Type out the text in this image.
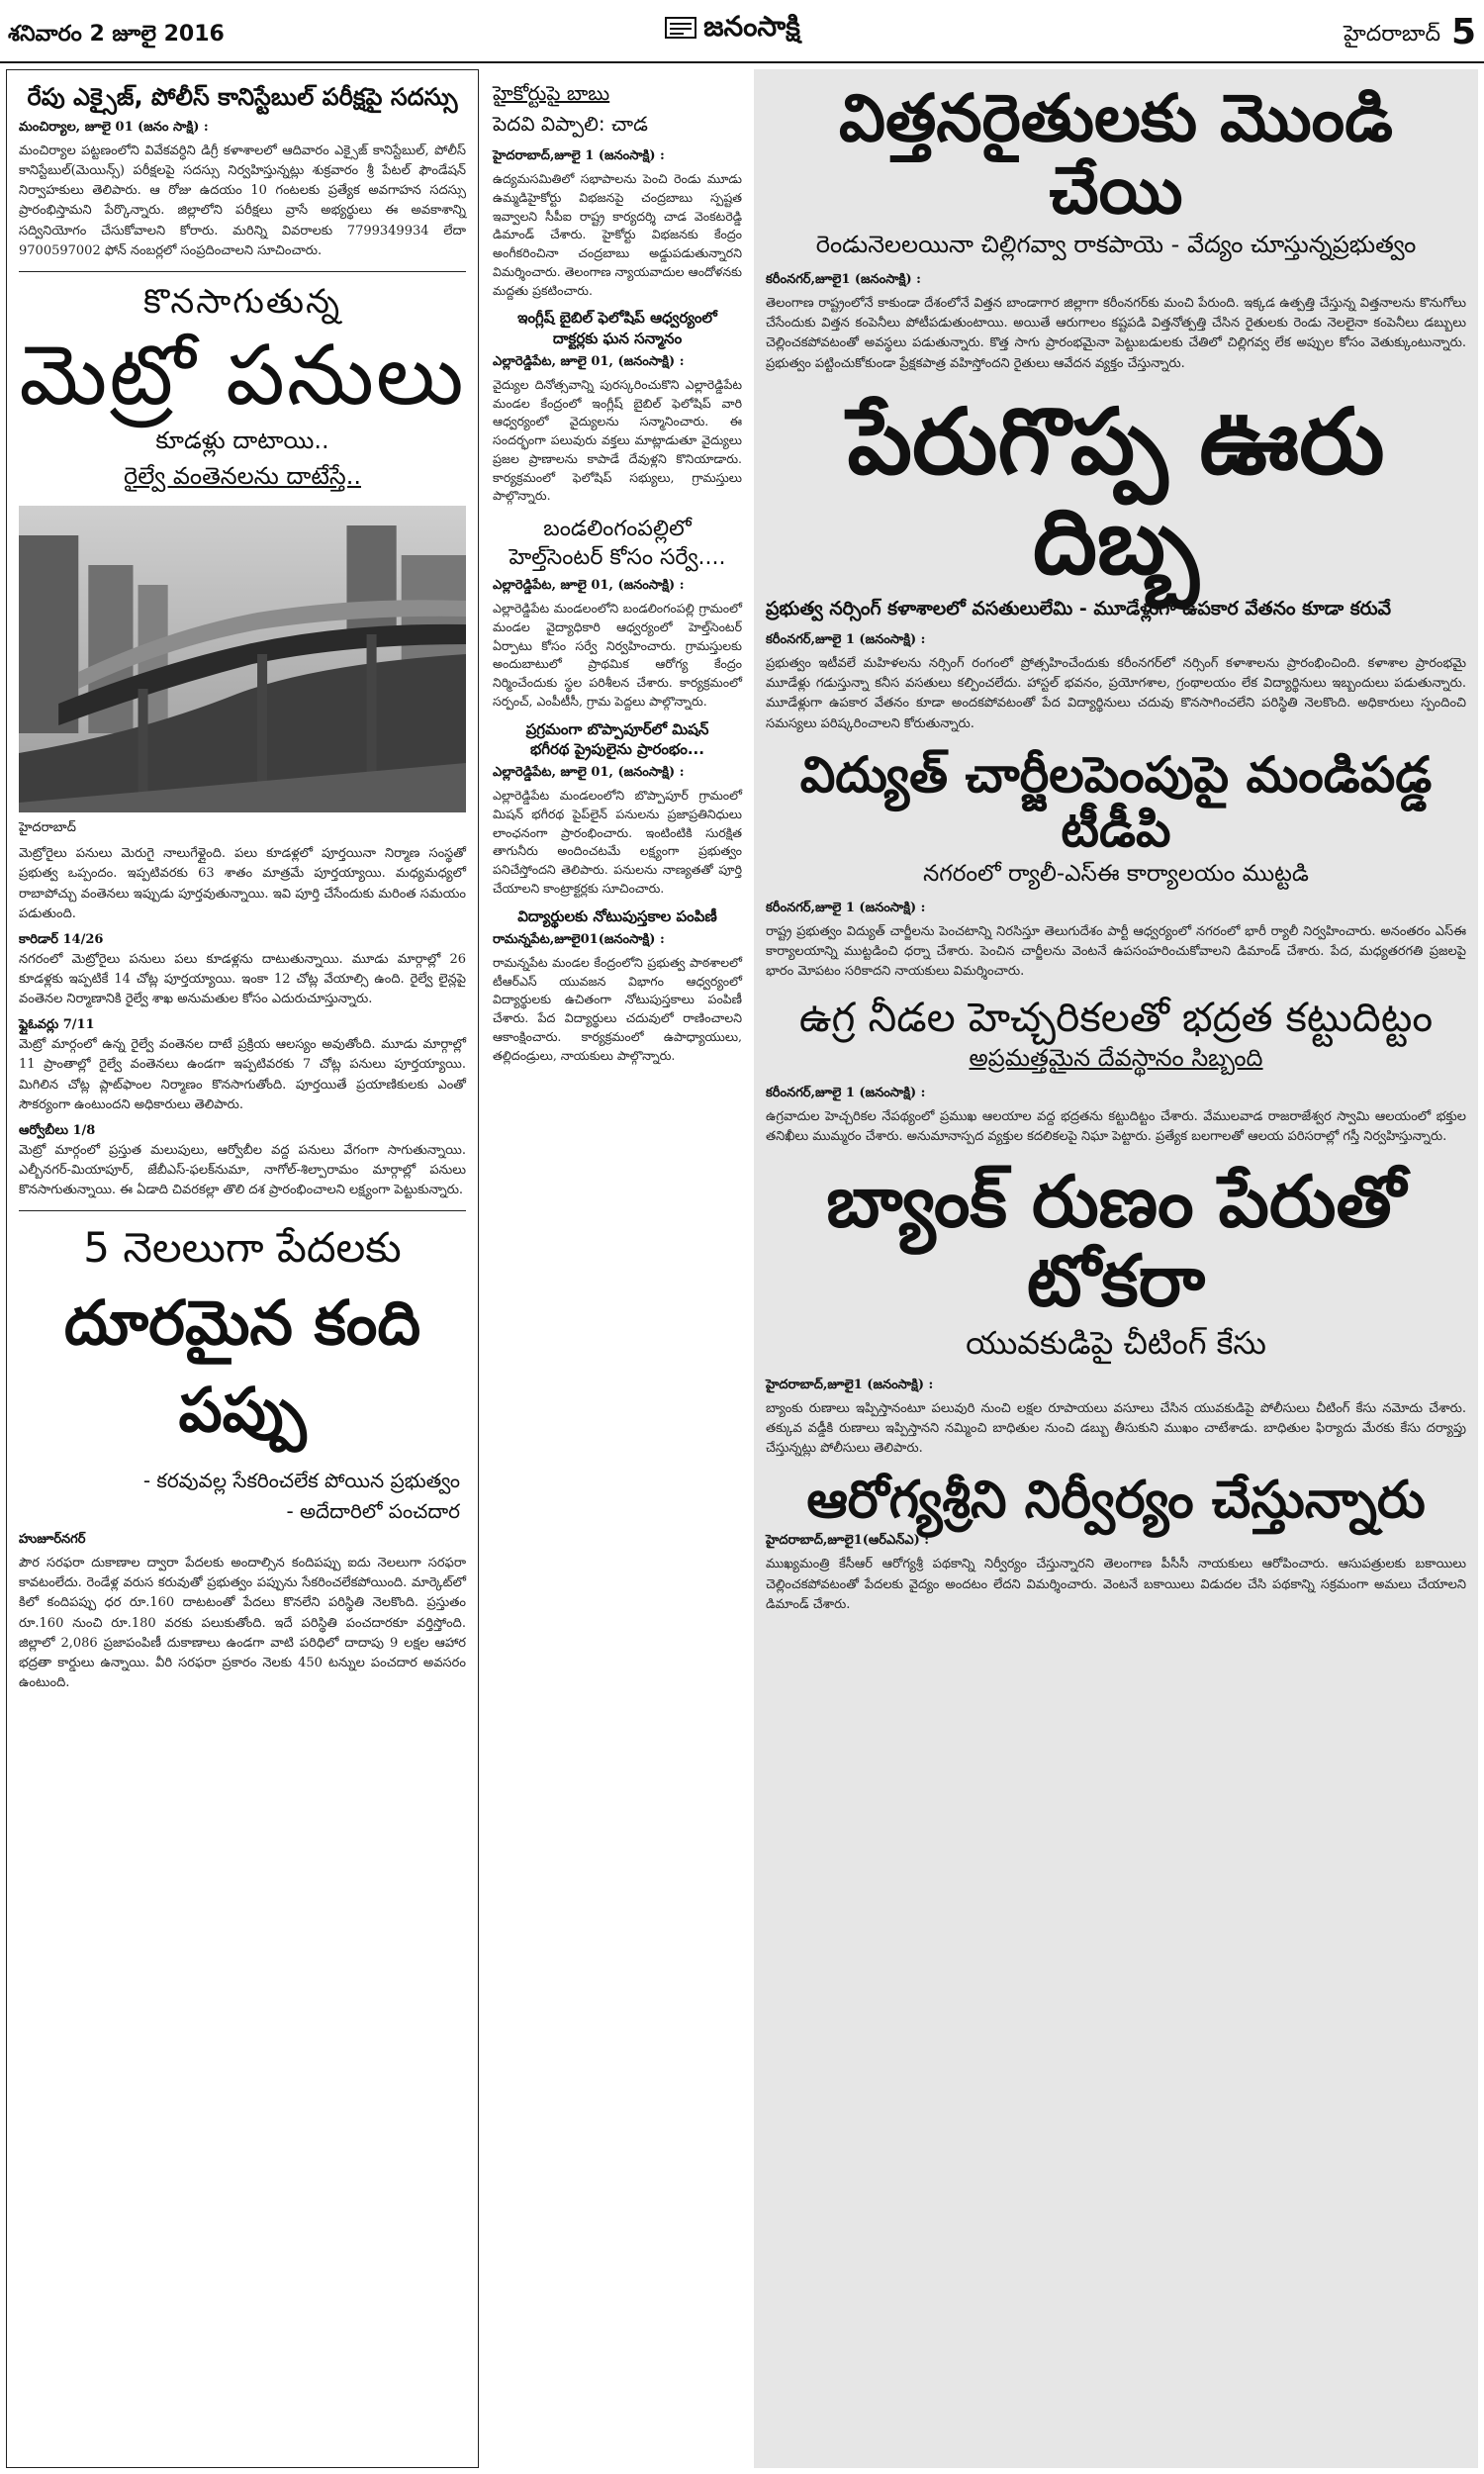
శనివారం 2 జూలై 2016	జనంసాక్షి	హైదరాబాద్ 5
రేపు ఎక్సైజ్‌, పోలీస్‌ కానిస్టేబుల్‌ పరీక్షపై సదస్సు
మంచిర్యాల, జూలై 01 (జనం సాక్షి) :

మంచిర్యాల పట్టణంలోని వివేకవర్ధిని డిగ్రీ కళాశాలలో ఆదివారం ఎక్సైజ్‌ కానిస్టేబుల్‌, పోలీస్‌ కానిస్టేబుల్‌(మెయిన్స్‌) పరీక్షలపై సదస్సు నిర్వహిస్తున్నట్లు శుక్రవారం శ్రీ పేటల్‌ ఫౌండేషన్‌ నిర్వాహకులు తెలిపారు. ఆ రోజు ఉదయం 10 గంటలకు ప్రత్యేక అవగాహన సదస్సు ప్రారంభిస్తామని పేర్కొన్నారు. జిల్లాలోని పరీక్షలు వ్రాసే అభ్యర్థులు ఈ అవకాశాన్ని సద్వినియోగం చేసుకోవాలని కోరారు. మరిన్ని వివరాలకు 7799349934 లేదా 9700597002 ఫోన్‌ నంబర్లలో సంప్రదించాలని సూచించారు.

కొనసాగుతున్న
మెట్రో పనులు
కూడళ్లు దాటాయి..
రైల్వే వంతెనలను దాటేస్తే..
హైదరాబాద్‌

మెట్రోరైలు పనులు మెరుగై నాలుగేళ్లైంది. పలు కూడళ్లలో పూర్తయినా నిర్మాణ సంస్థతో ప్రభుత్వ ఒప్పందం. ఇప్పటివరకు 63 శాతం మాత్రమే పూర్తయ్యాయి. మధ్యమధ్యలో రాబాపోచ్చు వంతెనలు ఇప్పుడు పూర్తవుతున్నాయి. ఇవి పూర్తి చేసేందుకు మరింత సమయం పడుతుంది.

కారిడార్‌ 14/26

నగరంలో మెట్రోరైలు పనులు పలు కూడళ్లను దాటుతున్నాయి. మూడు మార్గాల్లో 26 కూడళ్లకు ఇప్పటికే 14 చోట్ల పూర్తయ్యాయి. ఇంకా 12 చోట్ల వేయాల్సి ఉంది. రైల్వే లైన్లపై వంతెనల నిర్మాణానికి రైల్వే శాఖ అనుమతుల కోసం ఎదురుచూస్తున్నారు.

ఫ్లైఓవర్లు 7/11

మెట్రో మార్గంలో ఉన్న రైల్వే వంతెనల దాటే ప్రక్రియ ఆలస్యం అవుతోంది. మూడు మార్గాల్లో 11 ప్రాంతాల్లో రైల్వే వంతెనలు ఉండగా ఇప్పటివరకు 7 చోట్ల పనులు పూర్తయ్యాయి. మిగిలిన చోట్ల ప్లాట్‌ఫాంల నిర్మాణం కొనసాగుతోంది. పూర్తయితే ప్రయాణికులకు ఎంతో సౌకర్యంగా ఉంటుందని అధికారులు తెలిపారు.

ఆర్వోబీలు 1/8

మెట్రో మార్గంలో ప్రస్తుత మలుపులు, ఆర్వోబీల వద్ద పనులు వేగంగా సాగుతున్నాయి. ఎల్బీనగర్‌-మియాపూర్‌, జేబీఎస్‌-ఫలక్‌నుమా, నాగోల్‌-శిల్పారామం మార్గాల్లో పనులు కొనసాగుతున్నాయి. ఈ ఏడాది చివరకల్లా తొలి దశ ప్రారంభించాలని లక్ష్యంగా పెట్టుకున్నారు.

5 నెలలుగా పేదలకు
దూరమైన కంది పప్పు
- కరవువల్ల సేకరించలేక పోయిన ప్రభుత్వం
- అదేదారిలో పంచదార
హుజూర్‌నగర్‌

పౌర సరఫరా దుకాణాల ద్వారా పేదలకు అందాల్సిన కందిపప్పు ఐదు నెలలుగా సరఫరా కావటంలేదు. రెండేళ్ల వరుస కరువుతో ప్రభుత్వం పప్పును సేకరించలేకపోయింది. మార్కెట్‌లో కిలో కందిపప్పు ధర రూ.160 దాటటంతో పేదలు కొనలేని పరిస్థితి నెలకొంది. ప్రస్తుతం రూ.160 నుంచి రూ.180 వరకు పలుకుతోంది. ఇదే పరిస్థితి పంచదారకూ వర్తిస్తోంది. జిల్లాలో 2,086 ప్రజాపంపిణీ దుకాణాలు ఉండగా వాటి పరిధిలో దాదాపు 9 లక్షల ఆహార భద్రతా కార్డులు ఉన్నాయి. వీరి సరఫరా ప్రకారం నెలకు 450 టన్నుల పంచదార అవసరం ఉంటుంది.

హైకోర్టుపై బాబు
పెదవి విప్పాలి: చాడ
హైదరాబాద్‌,జూలై 1 (జనంసాక్షి) :

ఉద్యమసమితిలో సభాపాలను పెంచి రెండు మూడు ఉమ్మడిహైకోర్టు విభజనపై చంద్రబాబు స్పష్టత ఇవ్వాలని సీపీఐ రాష్ట్ర కార్యదర్శి చాడ వెంకటరెడ్డి డిమాండ్‌ చేశారు. హైకోర్టు విభజనకు కేంద్రం అంగీకరించినా చంద్రబాబు అడ్డుపడుతున్నారని విమర్శించారు. తెలంగాణ న్యాయవాదుల ఆందోళనకు మద్దతు ప్రకటించారు.

ఇంగ్లీష్‌ బైబిల్‌ ఫెలోషిప్‌ ఆధ్వర్యంలో దాక్టర్లకు ఘన సన్మానం
ఎల్లారెడ్డిపేట, జూలై 01, (జనంసాక్షి) :

వైద్యుల దినోత్సవాన్ని పురస్కరించుకొని ఎల్లారెడ్డిపేట మండల కేంద్రంలో ఇంగ్లీష్‌ బైబిల్‌ ఫెలోషిప్‌ వారి ఆధ్వర్యంలో వైద్యులను సన్మానించారు. ఈ సందర్భంగా పలువురు వక్తలు మాట్లాడుతూ వైద్యులు ప్రజల ప్రాణాలను కాపాడే దేవుళ్లని కొనియాడారు. కార్యక్రమంలో ఫెలోషిప్‌ సభ్యులు, గ్రామస్తులు పాల్గొన్నారు.

బండలింగంపల్లిలో
హెల్త్‌సెంటర్‌ కోసం సర్వే....
ఎల్లారెడ్డిపేట, జూలై 01, (జనంసాక్షి) :

ఎల్లారెడ్డిపేట మండలంలోని బండలింగంపల్లి గ్రామంలో మండల వైద్యాధికారి ఆధ్వర్యంలో హెల్త్‌సెంటర్‌ ఏర్పాటు కోసం సర్వే నిర్వహించారు. గ్రామస్తులకు అందుబాటులో ప్రాథమిక ఆరోగ్య కేంద్రం నిర్మించేందుకు స్థల పరిశీలన చేశారు. కార్యక్రమంలో సర్పంచ్‌, ఎంపీటీసీ, గ్రామ పెద్దలు పాల్గొన్నారు.

ప్రగ్రమంగా బొప్పాపూర్‌లో మిషన్‌
భగీరథ ప్రైపులైను ప్రారంభం...
ఎల్లారెడ్డిపేట, జూలై 01, (జనంసాక్షి) :

ఎల్లారెడ్డిపేట మండలంలోని బొప్పాపూర్‌ గ్రామంలో మిషన్‌ భగీరథ పైప్‌లైన్‌ పనులను ప్రజాప్రతినిధులు లాంఛనంగా ప్రారంభించారు. ఇంటింటికి సురక్షిత తాగునీరు అందించటమే లక్ష్యంగా ప్రభుత్వం పనిచేస్తోందని తెలిపారు. పనులను నాణ్యతతో పూర్తి చేయాలని కాంట్రాక్టర్లకు సూచించారు.

విద్యార్థులకు నోటుపుస్తకాల పంపిణీ
రామన్నపేట,జూలై01(జనంసాక్షి) :

రామన్నపేట మండల కేంద్రంలోని ప్రభుత్వ పాఠశాలలో టీఆర్‌ఎస్‌ యువజన విభాగం ఆధ్వర్యంలో విద్యార్థులకు ఉచితంగా నోటుపుస్తకాలు పంపిణీ చేశారు. పేద విద్యార్థులు చదువులో రాణించాలని ఆకాంక్షించారు. కార్యక్రమంలో ఉపాధ్యాయులు, తల్లిదండ్రులు, నాయకులు పాల్గొన్నారు.

విత్తనరైతులకు మొండి చేయి
రెండునెలలయినా చిల్లిగవ్వా రాకపాయె - వేద్యం చూస్తున్నప్రభుత్వం
కరీంనగర్‌,జూలై1 (జనంసాక్షి) :

తెలంగాణ రాష్ట్రంలోనే కాకుండా దేశంలోనే విత్తన బాండాగార జిల్లాగా కరీంనగర్‌కు మంచి పేరుంది. ఇక్కడ ఉత్పత్తి చేస్తున్న విత్తనాలను కొనుగోలు చేసేందుకు విత్తన కంపెనీలు పోటీపడుతుంటాయి. అయితే ఆరుగాలం కష్టపడి విత్తనోత్పత్తి చేసిన రైతులకు రెండు నెలలైనా కంపెనీలు డబ్బులు చెల్లించకపోవటంతో అవస్థలు పడుతున్నారు. కొత్త సాగు ప్రారంభమైనా పెట్టుబడులకు చేతిలో చిల్లిగవ్వ లేక అప్పుల కోసం వెతుక్కుంటున్నారు. ప్రభుత్వం పట్టించుకోకుండా ప్రేక్షకపాత్ర వహిస్తోందని రైతులు ఆవేదన వ్యక్తం చేస్తున్నారు.

పేరుగొప్ప ఊరు దిబ్బ
ప్రభుత్వ నర్సింగ్‌ కళాశాలలో వసతులులేమి - మూడేళ్లుగా ఉపకార వేతనం కూడా కరువే
కరీంనగర్‌,జూలై 1 (జనంసాక్షి) :

ప్రభుత్వం ఇటీవలే మహిళలను నర్సింగ్‌ రంగంలో ప్రోత్సహించేందుకు కరీంనగర్‌లో నర్సింగ్‌ కళాశాలను ప్రారంభించింది. కళాశాల ప్రారంభమై మూడేళ్లు గడుస్తున్నా కనీస వసతులు కల్పించలేదు. హాస్టల్‌ భవనం, ప్రయోగశాల, గ్రంథాలయం లేక విద్యార్థినులు ఇబ్బందులు పడుతున్నారు. మూడేళ్లుగా ఉపకార వేతనం కూడా అందకపోవటంతో పేద విద్యార్థినులు చదువు కొనసాగించలేని పరిస్థితి నెలకొంది. అధికారులు స్పందించి సమస్యలు పరిష్కరించాలని కోరుతున్నారు.

విద్యుత్‌ చార్జీలపెంపుపై మండిపడ్డ టీడీపి
నగరంలో ర్యాలీ-ఎస్‌ఈ కార్యాలయం ముట్టడి
కరీంనగర్‌,జూలై 1 (జనంసాక్షి) :

రాష్ట్ర ప్రభుత్వం విద్యుత్‌ చార్జీలను పెంచటాన్ని నిరసిస్తూ తెలుగుదేశం పార్టీ ఆధ్వర్యంలో నగరంలో భారీ ర్యాలీ నిర్వహించారు. అనంతరం ఎస్‌ఈ కార్యాలయాన్ని ముట్టడించి ధర్నా చేశారు. పెంచిన చార్జీలను వెంటనే ఉపసంహరించుకోవాలని డిమాండ్‌ చేశారు. పేద, మధ్యతరగతి ప్రజలపై భారం మోపటం సరికాదని నాయకులు విమర్శించారు.

ఉగ్ర నీడల హెచ్చరికలతో భద్రత కట్టుదిట్టం
అప్రమత్తమైన దేవస్థానం సిబ్బంది
కరీంనగర్‌,జూలై 1 (జనంసాక్షి) :

ఉగ్రవాదుల హెచ్చరికల నేపథ్యంలో ప్రముఖ ఆలయాల వద్ద భద్రతను కట్టుదిట్టం చేశారు. వేములవాడ రాజరాజేశ్వర స్వామి ఆలయంలో భక్తుల తనిఖీలు ముమ్మరం చేశారు. అనుమానాస్పద వ్యక్తుల కదలికలపై నిఘా పెట్టారు. ప్రత్యేక బలగాలతో ఆలయ పరిసరాల్లో గస్తీ నిర్వహిస్తున్నారు.

బ్యాంక్‌ రుణం పేరుతో టోకరా
యువకుడిపై చీటింగ్‌ కేసు
హైదరాబాద్‌,జూలై1 (జనంసాక్షి) :

బ్యాంకు రుణాలు ఇప్పిస్తానంటూ పలువురి నుంచి లక్షల రూపాయలు వసూలు చేసిన యువకుడిపై పోలీసులు చీటింగ్‌ కేసు నమోదు చేశారు. తక్కువ వడ్డీకి రుణాలు ఇప్పిస్తానని నమ్మించి బాధితుల నుంచి డబ్బు తీసుకుని ముఖం చాటేశాడు. బాధితుల ఫిర్యాదు మేరకు కేసు దర్యాప్తు చేస్తున్నట్లు పోలీసులు తెలిపారు.

ఆరోగ్యశ్రీని నిర్వీర్యం చేస్తున్నారు
హైదరాబాద్‌,జూలై1(ఆర్‌ఎన్‌ఎ) :

ముఖ్యమంత్రి కేసీఆర్‌ ఆరోగ్యశ్రీ పథకాన్ని నిర్వీర్యం చేస్తున్నారని తెలంగాణ పీసీసీ నాయకులు ఆరోపించారు. ఆసుపత్రులకు బకాయిలు చెల్లించకపోవటంతో పేదలకు వైద్యం అందటం లేదని విమర్శించారు. వెంటనే బకాయిలు విడుదల చేసి పథకాన్ని సక్రమంగా అమలు చేయాలని డిమాండ్‌ చేశారు.
